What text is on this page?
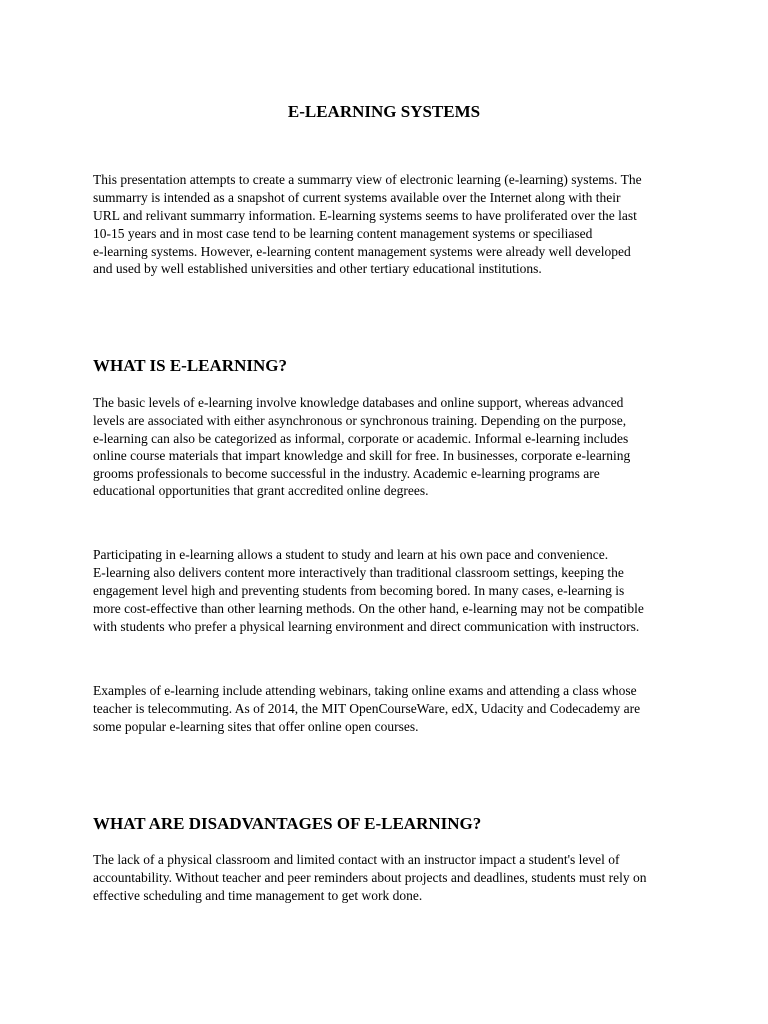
E-LEARNING SYSTEMS

This presentation attempts to create a summarry view of electronic learning (e-learning) systems. The

summarry is intended as a snapshot of current systems available over the Internet along with their

URL and relivant summarry information. E-learning systems seems to have proliferated over the last

10-15 years and in most case tend to be learning content management systems or speciliased

e-learning systems. However, e-learning content management systems were already well developed

and used by well established universities and other tertiary educational institutions.

WHAT IS E-LEARNING?

The basic levels of e-learning involve knowledge databases and online support, whereas advanced

levels are associated with either asynchronous or synchronous training. Depending on the purpose,

e-learning can also be categorized as informal, corporate or academic. Informal e-learning includes

online course materials that impart knowledge and skill for free. In businesses, corporate e-learning

grooms professionals to become successful in the industry. Academic e-learning programs are

educational opportunities that grant accredited online degrees.

Participating in e-learning allows a student to study and learn at his own pace and convenience.

E-learning also delivers content more interactively than traditional classroom settings, keeping the

engagement level high and preventing students from becoming bored. In many cases, e-learning is

more cost-effective than other learning methods. On the other hand, e-learning may not be compatible

with students who prefer a physical learning environment and direct communication with instructors.

Examples of e-learning include attending webinars, taking online exams and attending a class whose

teacher is telecommuting. As of 2014, the MIT OpenCourseWare, edX, Udacity and Codecademy are

some popular e-learning sites that offer online open courses.

WHAT ARE DISADVANTAGES OF E-LEARNING?

The lack of a physical classroom and limited contact with an instructor impact a student's level of

accountability. Without teacher and peer reminders about projects and deadlines, students must rely on

effective scheduling and time management to get work done.
